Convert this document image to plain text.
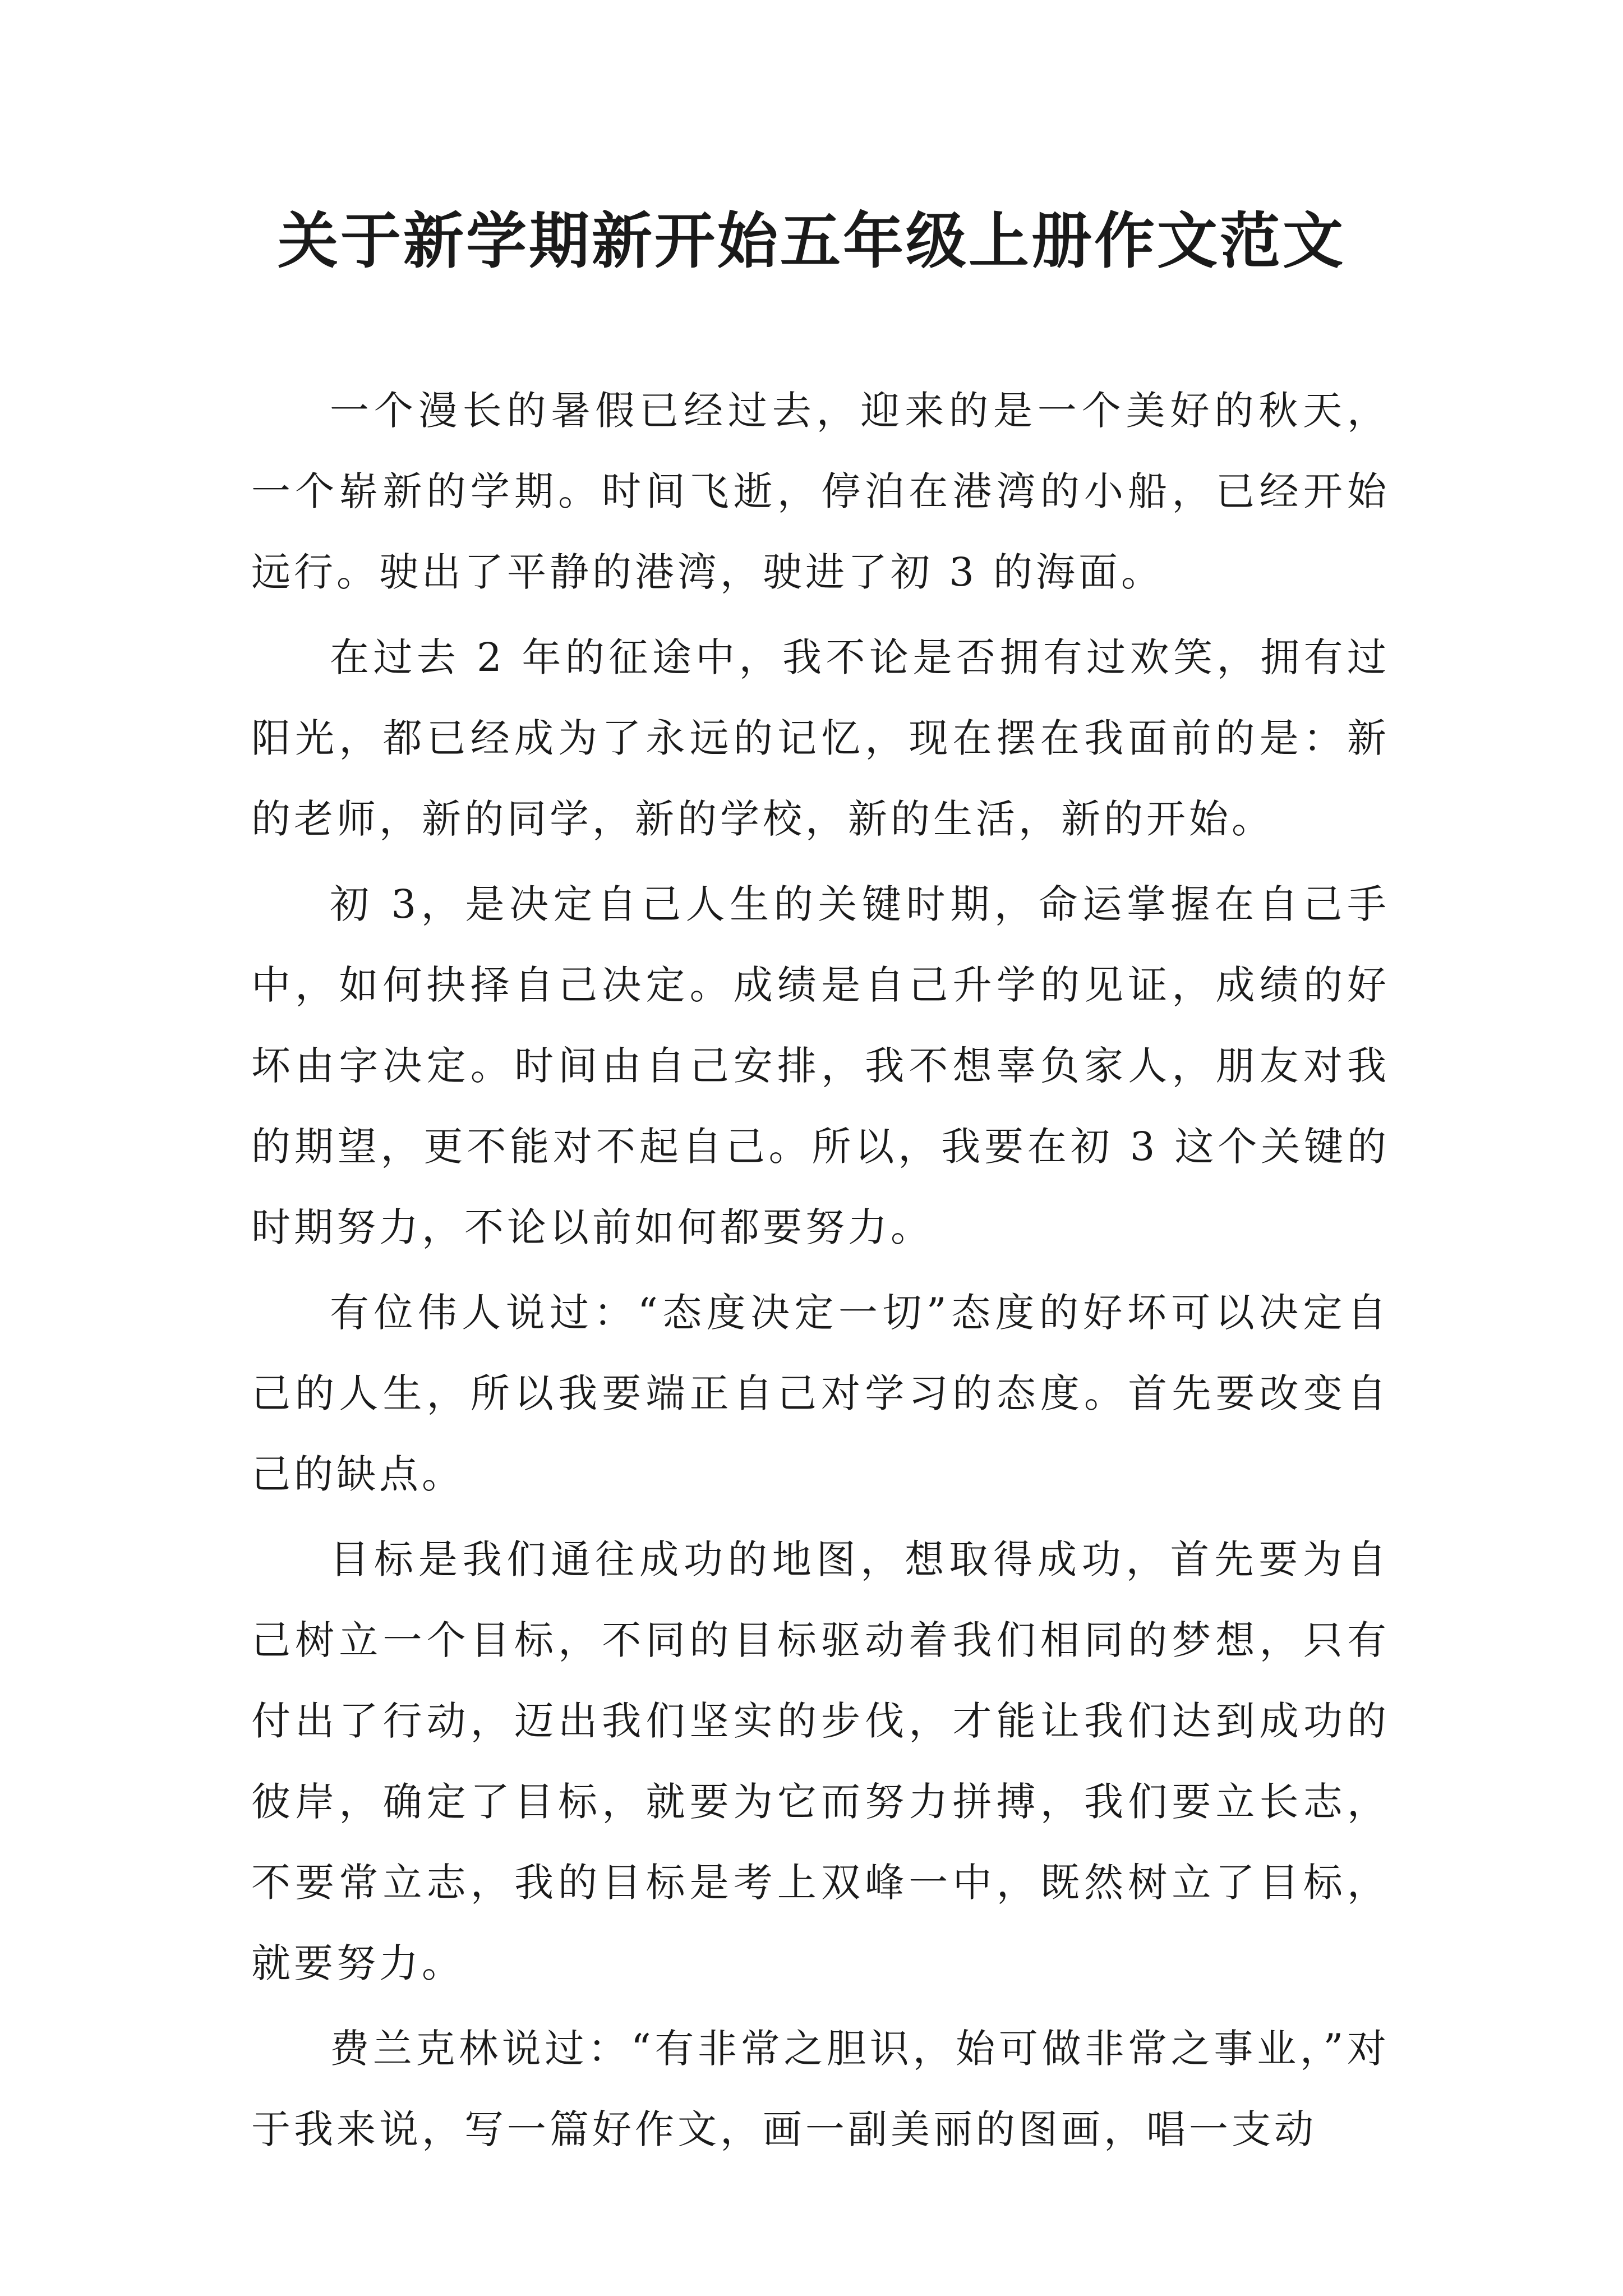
关于新学期新开始五年级上册作文范文

一个漫长的暑假已经过去，迎来的是一个美好的秋天，一个崭新的学期。时间飞逝，停泊在港湾的小船，已经开始远行。驶出了平静的港湾，驶进了初 3 的海面。

在过去 2 年的征途中，我不论是否拥有过欢笑，拥有过阳光，都已经成为了永远的记忆，现在摆在我面前的是：新的老师，新的同学，新的学校，新的生活，新的开始。

初 3，是决定自己人生的关键时期，命运掌握在自己手中，如何抉择自己决定。成绩是自己升学的见证，成绩的好坏由字决定。时间由自己安排，我不想辜负家人，朋友对我的期望，更不能对不起自己。所以，我要在初 3 这个关键的时期努力，不论以前如何都要努力。

有位伟人说过：“态度决定一切”态度的好坏可以决定自己的人生，所以我要端正自己对学习的态度。首先要改变自己的缺点。

目标是我们通往成功的地图，想取得成功，首先要为自己树立一个目标，不同的目标驱动着我们相同的梦想，只有付出了行动，迈出我们坚实的步伐，才能让我们达到成功的彼岸，确定了目标，就要为它而努力拼搏，我们要立长志，不要常立志，我的目标是考上双峰一中，既然树立了目标，就要努力。

费兰克林说过：“有非常之胆识，始可做非常之事业，”对于我来说，写一篇好作文，画一副美丽的图画，唱一支动
